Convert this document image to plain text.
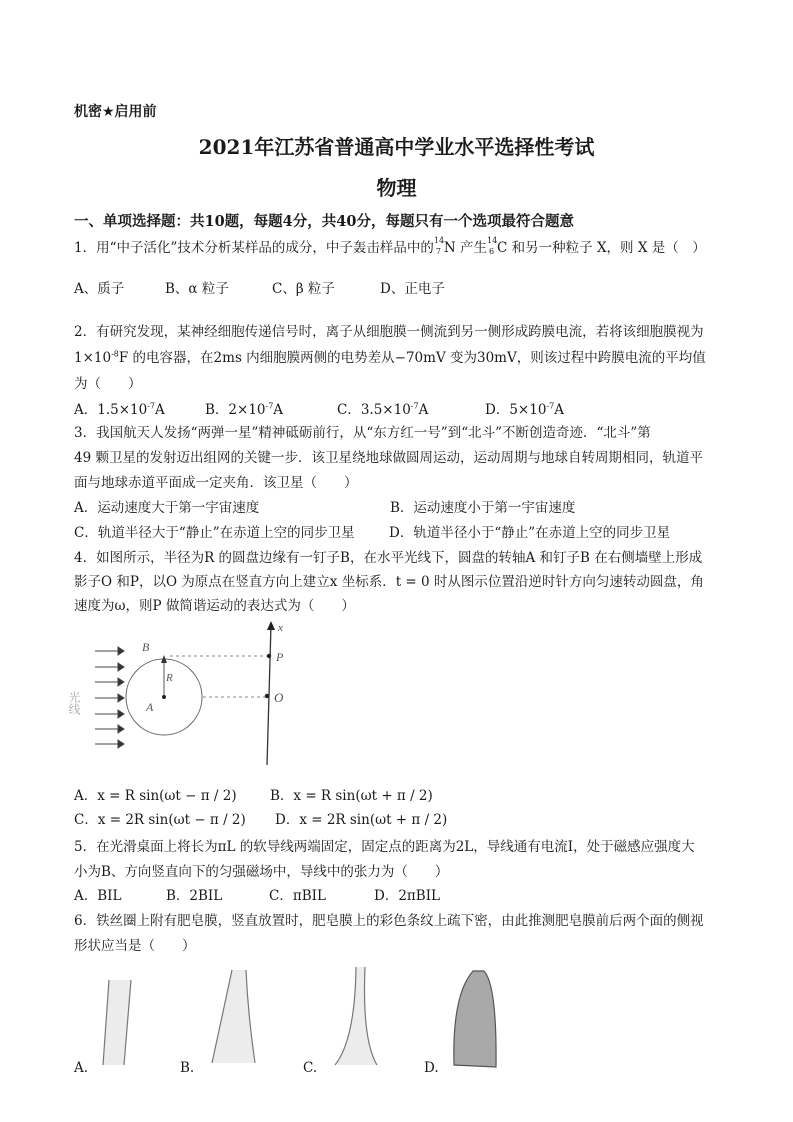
机密★启用前
2021年江苏省普通高中学业水平选择性考试
物理
一、单项选择题：共10题，每题4分，共40分，每题只有一个选项最符合题意
1．用“中子活化”技术分析某样品的成分，中子轰击样品中的 14
7 N 产生 14
6 C 和另一种粒子 X，则 X 是（　）
A、质子	B、α 粒子	C、β 粒子	D、正电子
2．有研究发现，某神经细胞传递信号时，离子从细胞膜一侧流到另一侧形成跨膜电流，若将该细胞膜视为
$1\times 10^{-8}F$ 的电容器，在2ms 内细胞膜两侧的电势差从−70mV 变为30mV，则该过程中跨膜电流的平均值
为（　　）
A．$1.5\times 10^{-7}A$	B．$2\times 10^{-7}A$	C．$3.5\times 10^{-7}A$	D．$5\times 10^{-7}A$
3．我国航天人发扬“两弹一星”精神砥砺前行，从“东方红一号”到“北斗”不断创造奇迹．“北斗”第
49 颗卫星的发射迈出组网的关键一步．该卫星绕地球做圆周运动，运动周期与地球自转周期相同，轨道平
面与地球赤道平面成一定夹角．该卫星（　　）
A．运动速度大于第一宇宙速度	B．运动速度小于第一宇宙速度
C．轨道半径大于“静止”在赤道上空的同步卫星	D．轨道半径小于“静止”在赤道上空的同步卫星
4．如图所示，半径为R 的圆盘边缘有一钉子B，在水平光线下，圆盘的转轴A 和钉子B 在右侧墙壁上形成
影子O 和P，以O 为原点在竖直方向上建立x 坐标系．t = 0 时从图示位置沿逆时针方向匀速转动圆盘，角
速度为ω，则P 做简谐运动的表达式为（　　）
光线
B
R
A
x
P
O
A．x = R sin(ωt − π / 2) B．x = R sin(ωt + π / 2)
C．x = 2R sin(ωt − π / 2) D．x = 2R sin(ωt + π / 2)
5．在光滑桌面上将长为πL 的软导线两端固定，固定点的距离为2L，导线通有电流I，处于磁感应强度大
小为B、方向竖直向下的匀强磁场中，导线中的张力为（　　）
A．BIL	B．2BIL	C．πBIL	D．2πBIL
6．铁丝圈上附有肥皂膜，竖直放置时，肥皂膜上的彩色条纹上疏下密，由此推测肥皂膜前后两个面的侧视
形状应当是（　　）
A.	B.	C.	D.
